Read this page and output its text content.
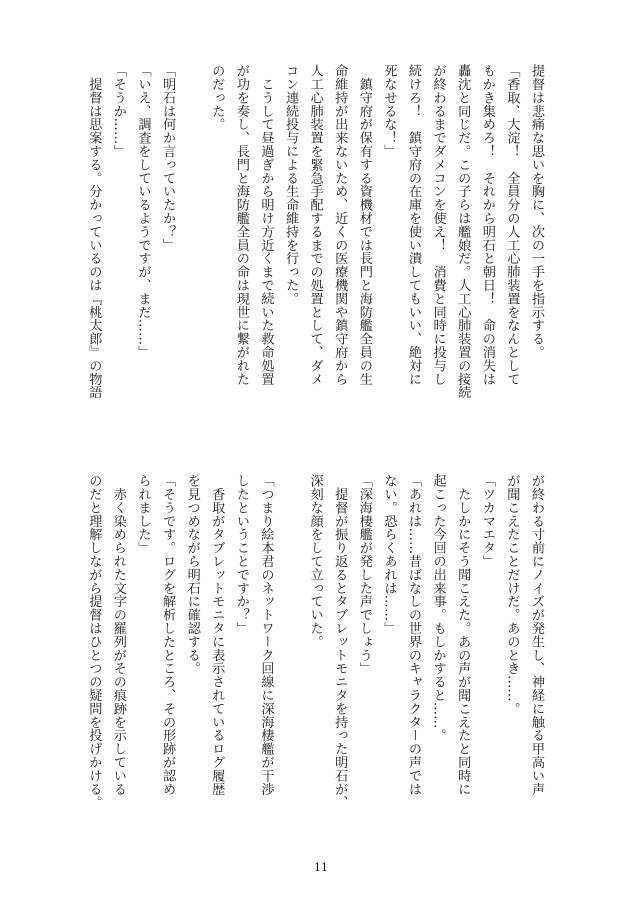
提督は悲痛な思いを胸に、次の一手を指示する。
「香取、大淀！　全員分の人工心肺装置をなんとして
もかき集めろ！　それから明石と朝日！　命の消失は
轟沈と同じだ。この子らは艦娘だ。人工心肺装置の接続
が終わるまでダメコンを使え！　消費と同時に投与し
続けろ！　鎮守府の在庫を使い潰してもいい、絶対に
死なせるな！」
　鎮守府が保有する資機材では長門と海防艦全員の生
命維持が出来ないため、近くの医療機関や鎮守府から
人工心肺装置を緊急手配するまでの処置として、ダメ
コン連続投与による生命維持を行った。
　こうして昼過ぎから明け方近くまで続いた救命処置
が功を奏し、長門と海防艦全員の命は現世に繋がれた
のだった。

「明石は何か言っていたか？」
「いえ、調査をしているようですが、まだ……」
「そうか……」
　提督は思案する。分かっているのは『桃太郎』の物語
が終わる寸前にノイズが発生し、神経に触る甲高い声
が聞こえたことだけだ。あのとき……。
「ツカマエタ」
　たしかにそう聞こえた。あの声が聞こえたと同時に
起こった今回の出来事。もしかすると……。
「あれは……昔ばなしの世界のキャラクターの声では
ない。恐らくあれは……」
「深海棲艦が発した声でしょう」
　提督が振り返るとタブレットモニタを持った明石が、
深刻な顔をして立っていた。

「つまり絵本君のネットワーク回線に深海棲艦が干渉
したということですか？」
　香取がタブレットモニタに表示されているログ履歴
を見つめながら明石に確認する。
「そうです。ログを解析したところ、その形跡が認め
られました」
　赤く染められた文字の羅列がその痕跡を示している
のだと理解しながら提督はひとつの疑問を投げかける。
11
